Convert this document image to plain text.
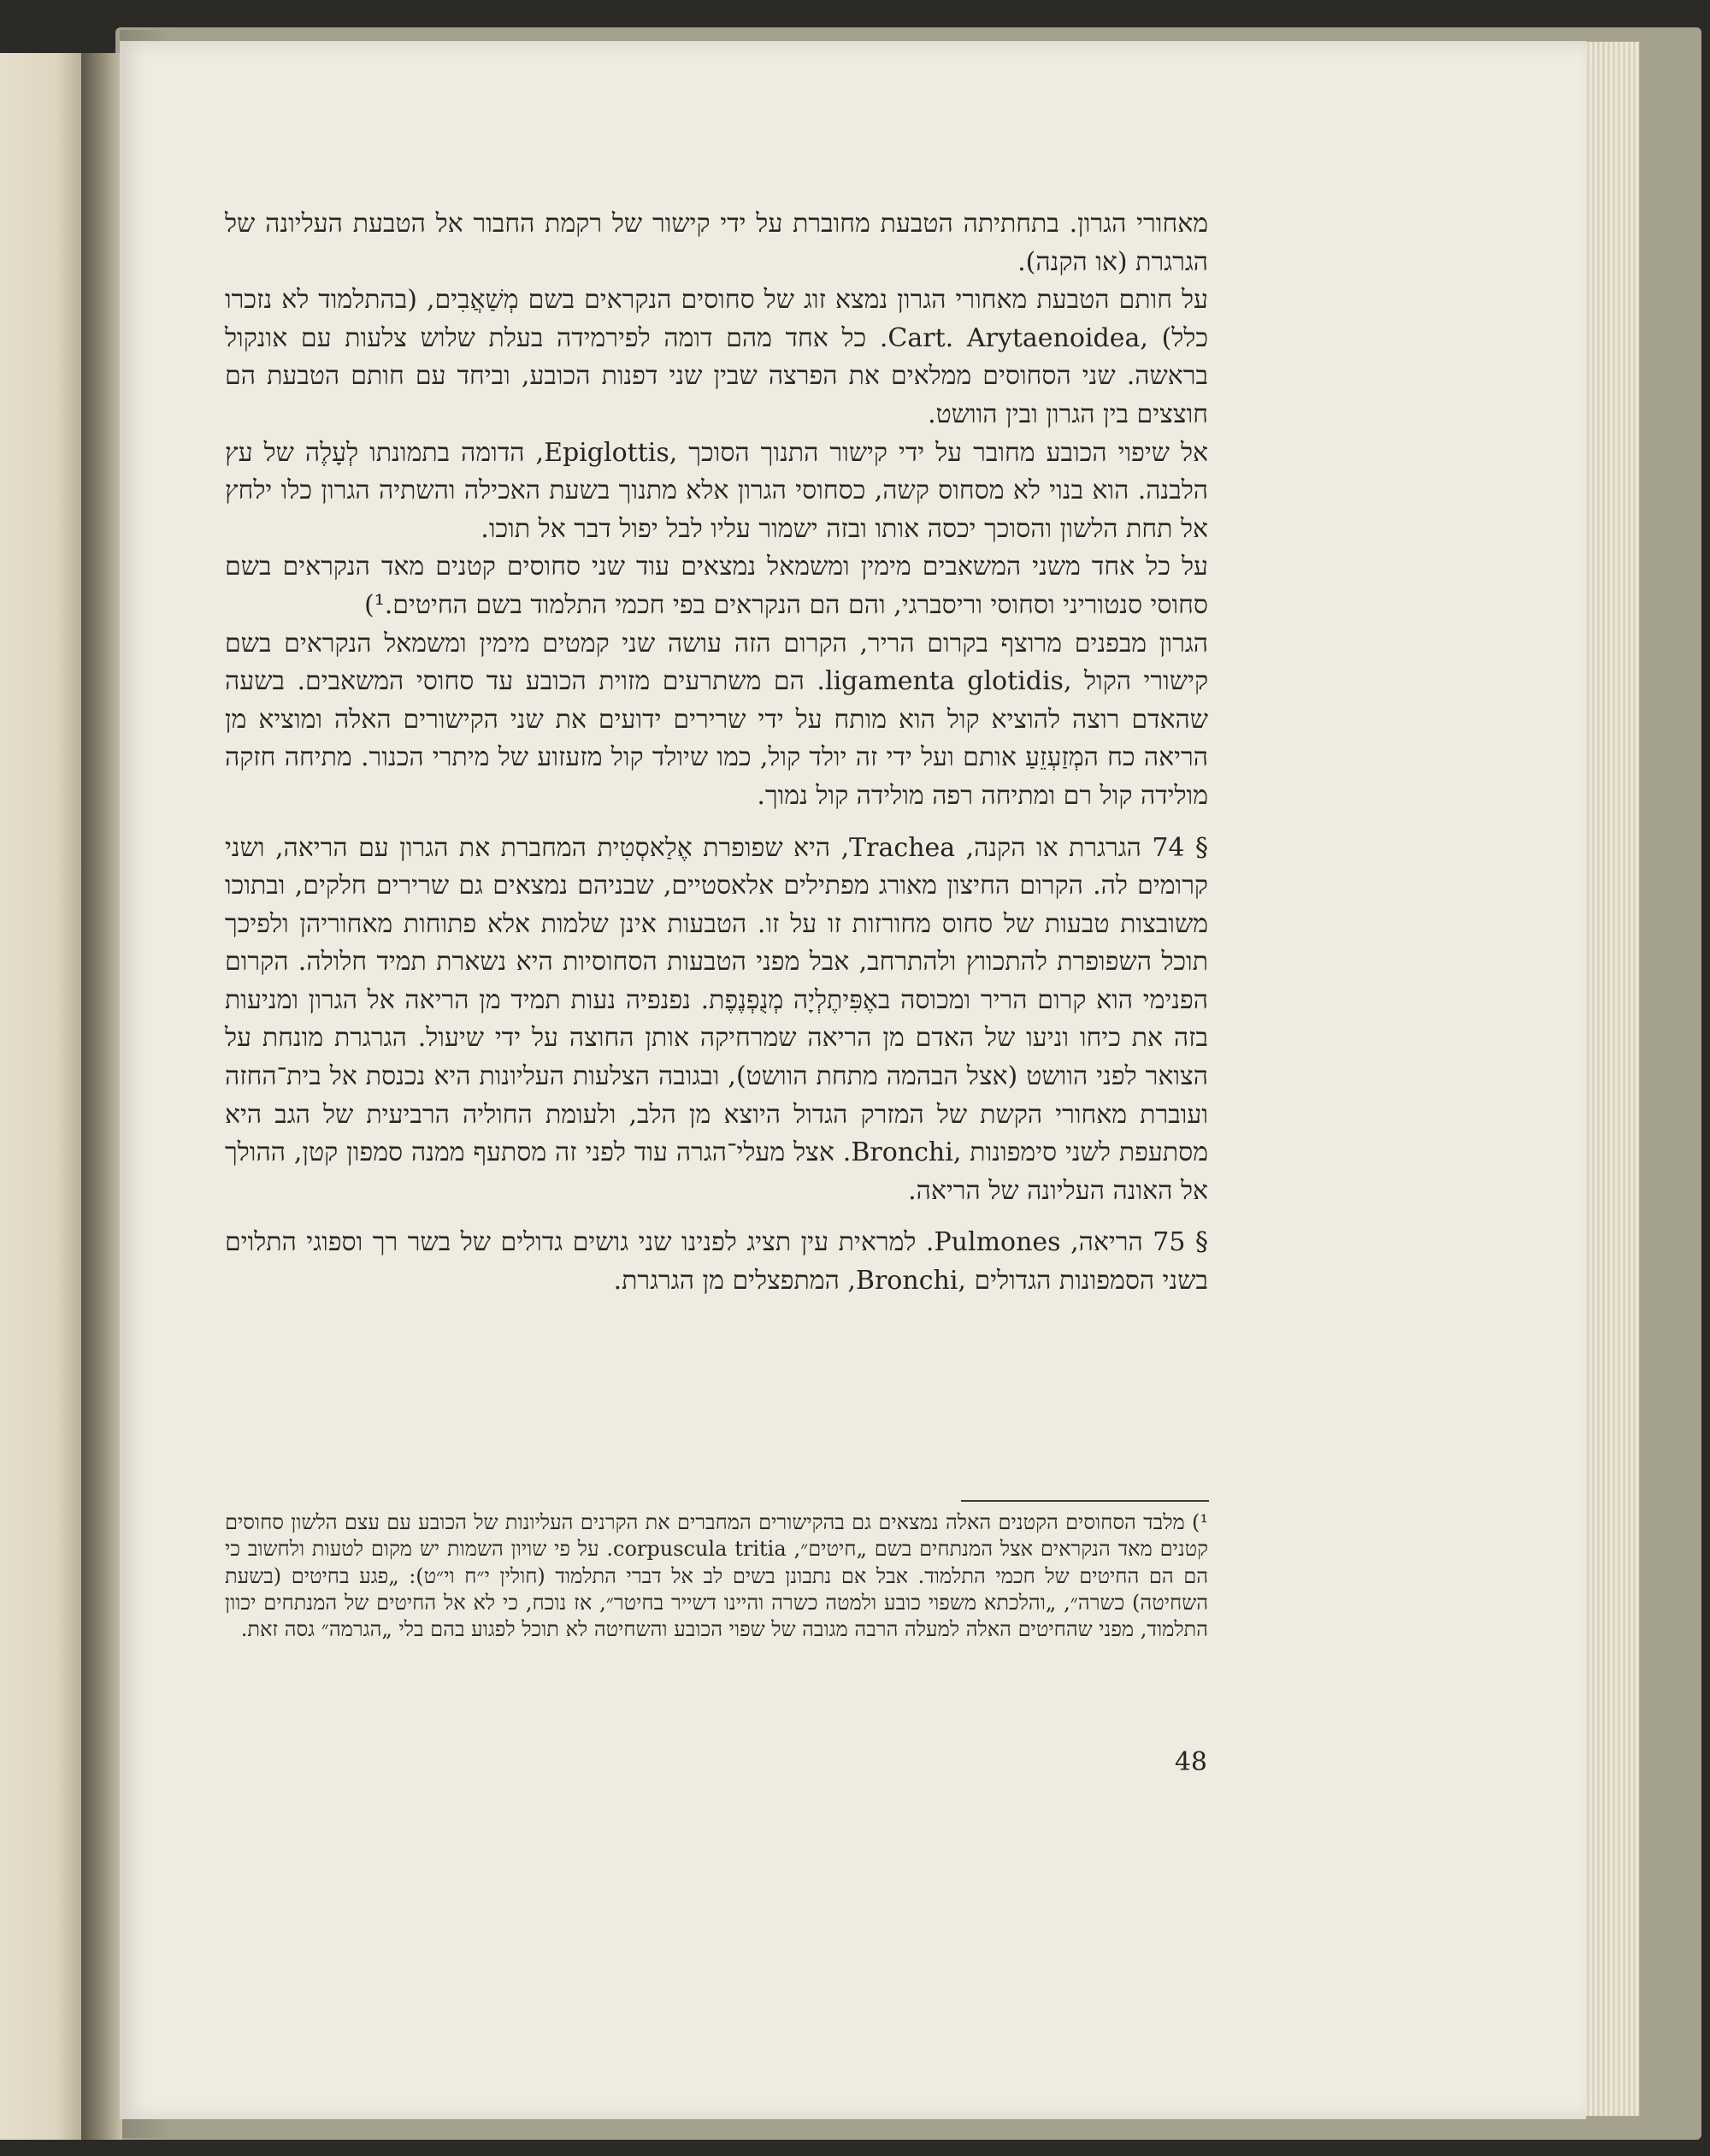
מאחורי הגרון. בתחתיתה הטבעת מחוברת על ידי קישור של רקמת החבור אל הטבעת העליונה של הגרגרת (או הקנה).

על חותם הטבעת מאחורי הגרון נמצא זוג של סחוסים הנקראים בשם מְשַׁאֲבִים, (בהתלמוד לא נזכרו כלל) ,Cart. Arytaenoidea. כל אחד מהם דומה לפירמידה בעלת שלוש צלעות עם אונקול בראשה. שני הסחוסים ממלאים את הפרצה שבין שני דפנות הכובע, וביחד עם חותם הטבעת הם חוצצים בין הגרון ובין הוושט.

אל שיפוי הכובע מחובר על ידי קישור התנוך הסוכך ,Epiglottis, הדומה בתמונתו לְעָלֶה של עץ הלבנה. הוא בנוי לא מסחוס קשה, כסחוסי הגרון אלא מתנוך בשעת האכילה והשתיה הגרון כלו ילחץ אל תחת הלשון והסוכך יכסה אותו ובזה ישמור עליו לבל יפול דבר אל תוכו.

על כל אחד משני המשאבים מימין ומשמאל נמצאים עוד שני סחוסים קטנים מאד הנקראים בשם סחוסי סנטוריני וסחוסי וריסברגי, והם הם הנקראים בפי חכמי התלמוד בשם החיטים.¹)

הגרון מבפנים מרוצף בקרום הריר, הקרום הזה עושה שני קמטים מימין ומשמאל הנקראים בשם קישורי הקול ,ligamenta glotidis. הם משתרעים מזוית הכובע עד סחוסי המשאבים. בשעה שהאדם רוצה להוציא קול הוא מותח על ידי שרירים ידועים את שני הקישורים האלה ומוציא מן הריאה כח המְזַעְזֵעַ אותם ועל ידי זה יולד קול, כמו שיולד קול מזעזוע של מיתרי הכנור. מתיחה חזקה מולידה קול רם ומתיחה רפה מולידה קול נמוך.

§ 74 הגרגרת או הקנה, Trachea, היא שפופרת אֶלַאסְטִית המחברת את הגרון עם הריאה, ושני קרומים לה. הקרום החיצון מאורג מפתילים אלאסטיים, שבניהם נמצאים גם שרירים חלקים, ובתוכו משובצות טבעות של סחוס מחורזות זו על זו. הטבעות אינן שלמות אלא פתוחות מאחוריהן ולפיכך תוכל השפופרת להתכווץ ולהתרחב, אבל מפני הטבעות הסחוסיות היא נשארת תמיד חלולה. הקרום הפנימי הוא קרום הריר ומכוסה באֶפִּיתֶלְיָה מְנֻפְנֶפֶת. נפנפיה נעות תמיד מן הריאה אל הגרון ומניעות בזה את כיחו וניעו של האדם מן הריאה שמרחיקה אותן החוצה על ידי שיעול. הגרגרת מונחת על הצואר לפני הוושט (אצל הבהמה מתחת הוושט), ובגובה הצלעות העליונות היא נכנסת אל בית־החזה ועוברת מאחורי הקשת של המזרק הגדול היוצא מן הלב, ולעומת החוליה הרביעית של הגב היא מסתעפת לשני סימפונות ,Bronchi. אצל מעלי־הגרה עוד לפני זה מסתעף ממנה סמפון קטן, ההולך אל האונה העליונה של הריאה.

§ 75 הריאה, Pulmones. למראית עין תציג לפנינו שני גושים גדולים של בשר רך וספוגי התלוים בשני הסמפונות הגדולים ,Bronchi, המתפצלים מן הגרגרת.

¹) מלבד הסחוסים הקטנים האלה נמצאים גם בהקישורים המחברים את הקרנים העליונות של הכובע עם עצם הלשון סחוסים קטנים מאד הנקראים אצל המנתחים בשם „חיטים״, corpuscula tritia. על פי שויון השמות יש מקום לטעות ולחשוב כי הם הם החיטים של חכמי התלמוד. אבל אם נתבונן בשים לב אל דברי התלמוד (חולין י״ח וי״ט): „פגע בחיטים (בשעת השחיטה) כשרה״, „והלכתא משפוי כובע ולמטה כשרה והיינו דשייר בחיטר״, אז נוכח, כי לא אל החיטים של המנתחים יכוון התלמוד, מפני שהחיטים האלה למעלה הרבה מגובה של שפוי הכובע והשחיטה לא תוכל לפגוע בהם בלי „הגרמה״ גסה זאת.

48
